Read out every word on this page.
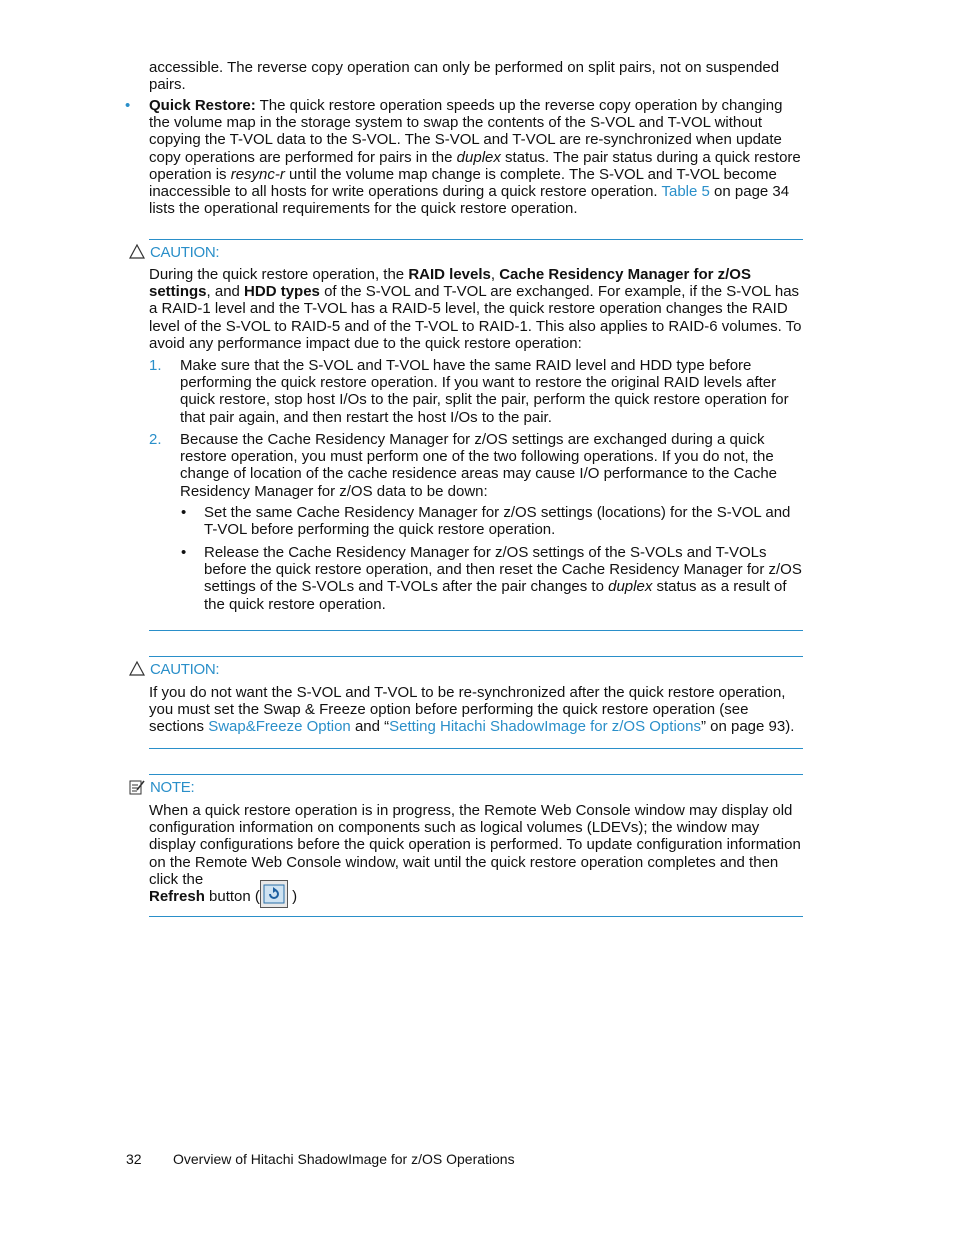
accessible. The reverse copy operation can only be performed on split pairs, not on suspended pairs.

• Quick Restore: The quick restore operation speeds up the reverse copy operation by changing the volume map in the storage system to swap the contents of the S-VOL and T-VOL without copying the T-VOL data to the S-VOL. The S-VOL and T-VOL are re-synchronized when update copy operations are performed for pairs in the duplex status. The pair status during a quick restore operation is resync-r until the volume map change is complete. The S-VOL and T-VOL become inaccessible to all hosts for write operations during a quick restore operation. Table 5 on page 34 lists the operational requirements for the quick restore operation.

CAUTION:

During the quick restore operation, the RAID levels, Cache Residency Manager for z/OS settings, and HDD types of the S-VOL and T-VOL are exchanged. For example, if the S-VOL has a RAID-1 level and the T-VOL has a RAID-5 level, the quick restore operation changes the RAID level of the S-VOL to RAID-5 and of the T-VOL to RAID-1. This also applies to RAID-6 volumes. To avoid any performance impact due to the quick restore operation:

1. Make sure that the S-VOL and T-VOL have the same RAID level and HDD type before performing the quick restore operation. If you want to restore the original RAID levels after quick restore, stop host I/Os to the pair, split the pair, perform the quick restore operation for that pair again, and then restart the host I/Os to the pair.

2. Because the Cache Residency Manager for z/OS settings are exchanged during a quick restore operation, you must perform one of the two following operations. If you do not, the change of location of the cache residence areas may cause I/O performance to the Cache Residency Manager for z/OS data to be down:

• Set the same Cache Residency Manager for z/OS settings (locations) for the S-VOL and T-VOL before performing the quick restore operation.

• Release the Cache Residency Manager for z/OS settings of the S-VOLs and T-VOLs before the quick restore operation, and then reset the Cache Residency Manager for z/OS settings of the S-VOLs and T-VOLs after the pair changes to duplex status as a result of the quick restore operation.

CAUTION:

If you do not want the S-VOL and T-VOL to be re-synchronized after the quick restore operation, you must set the Swap & Freeze option before performing the quick restore operation (see sections Swap&Freeze Option and “Setting Hitachi ShadowImage for z/OS Options” on page 93).

NOTE:

When a quick restore operation is in progress, the Remote Web Console window may display old configuration information on components such as logical volumes (LDEVs); the window may display configurations before the quick operation is performed. To update configuration information on the Remote Web Console window, wait until the quick restore operation completes and then click the

Refresh button ( )

32 Overview of Hitachi ShadowImage for z/OS Operations
